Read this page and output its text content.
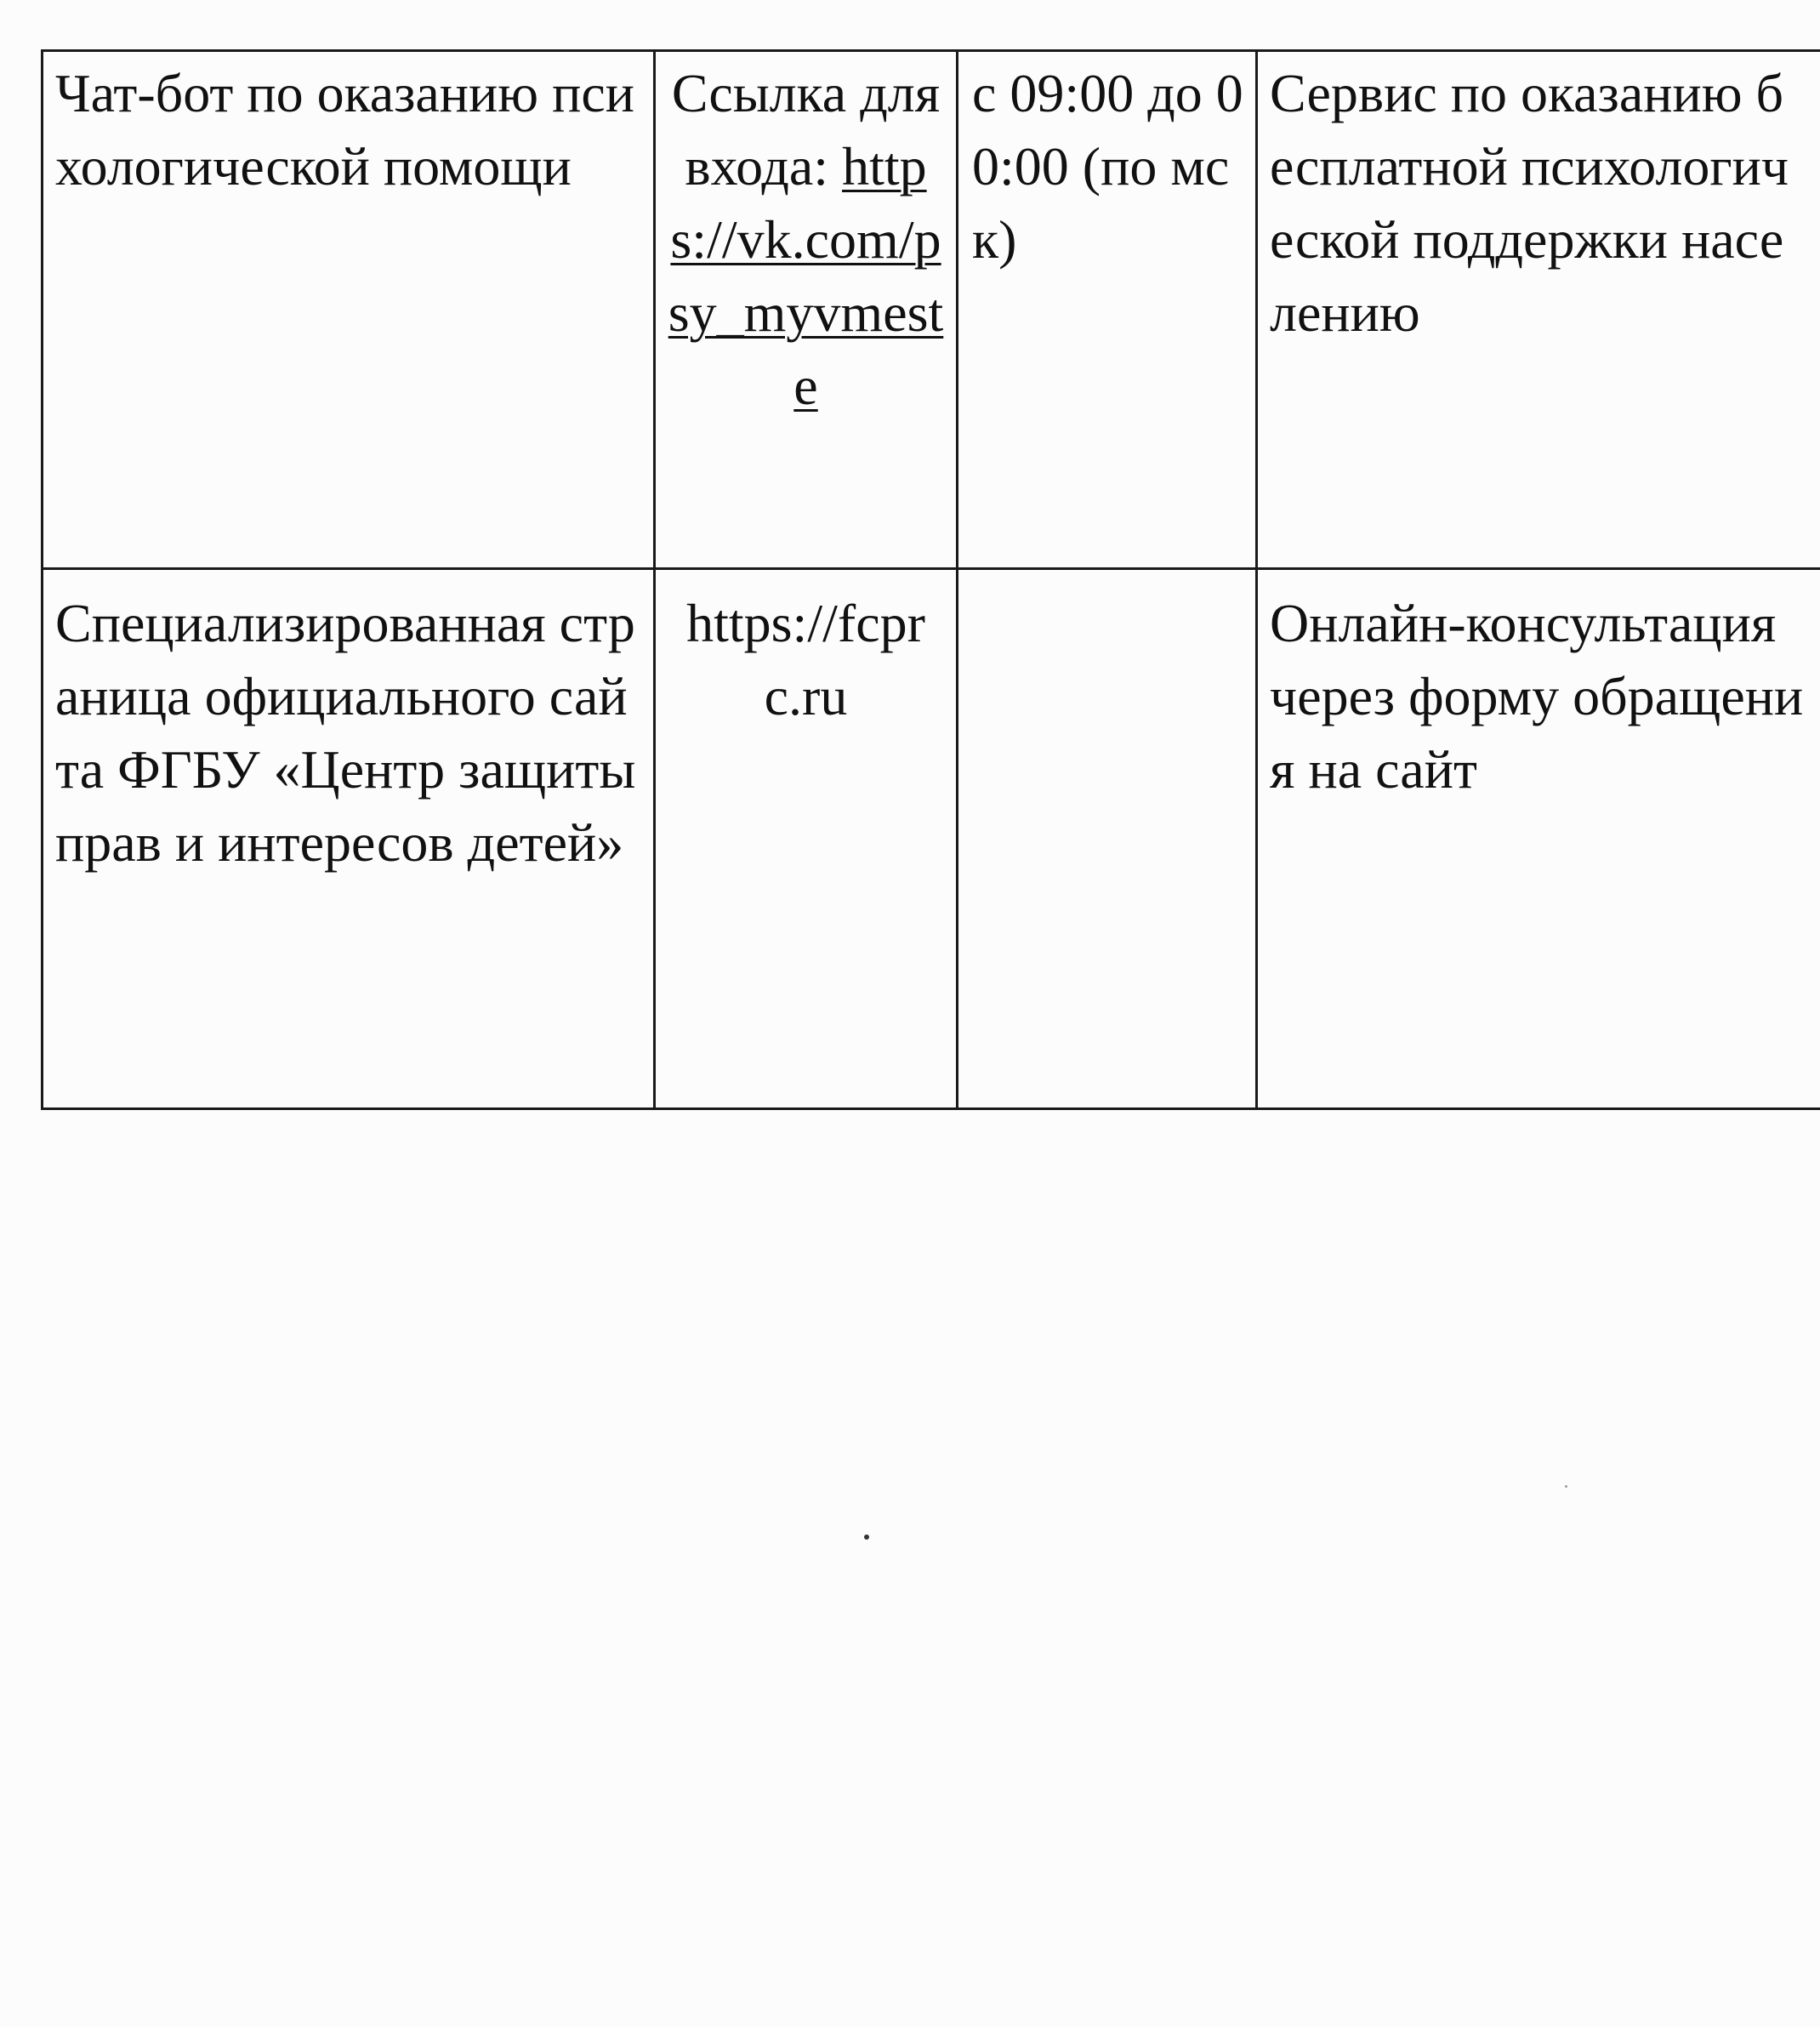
Чат-бот по оказанию психологической помощи	Ссылка для входа: https://vk.com/psy_myvmeste	с 09:00 до 00:00 (по мск)	Сервис по оказанию бесплатной психологической поддержки населению
Специализированная страница официального сайта ФГБУ «Центр защиты прав и интересов детей»	https://fcprc.ru		Онлайн-консультация через форму обращения на сайт
